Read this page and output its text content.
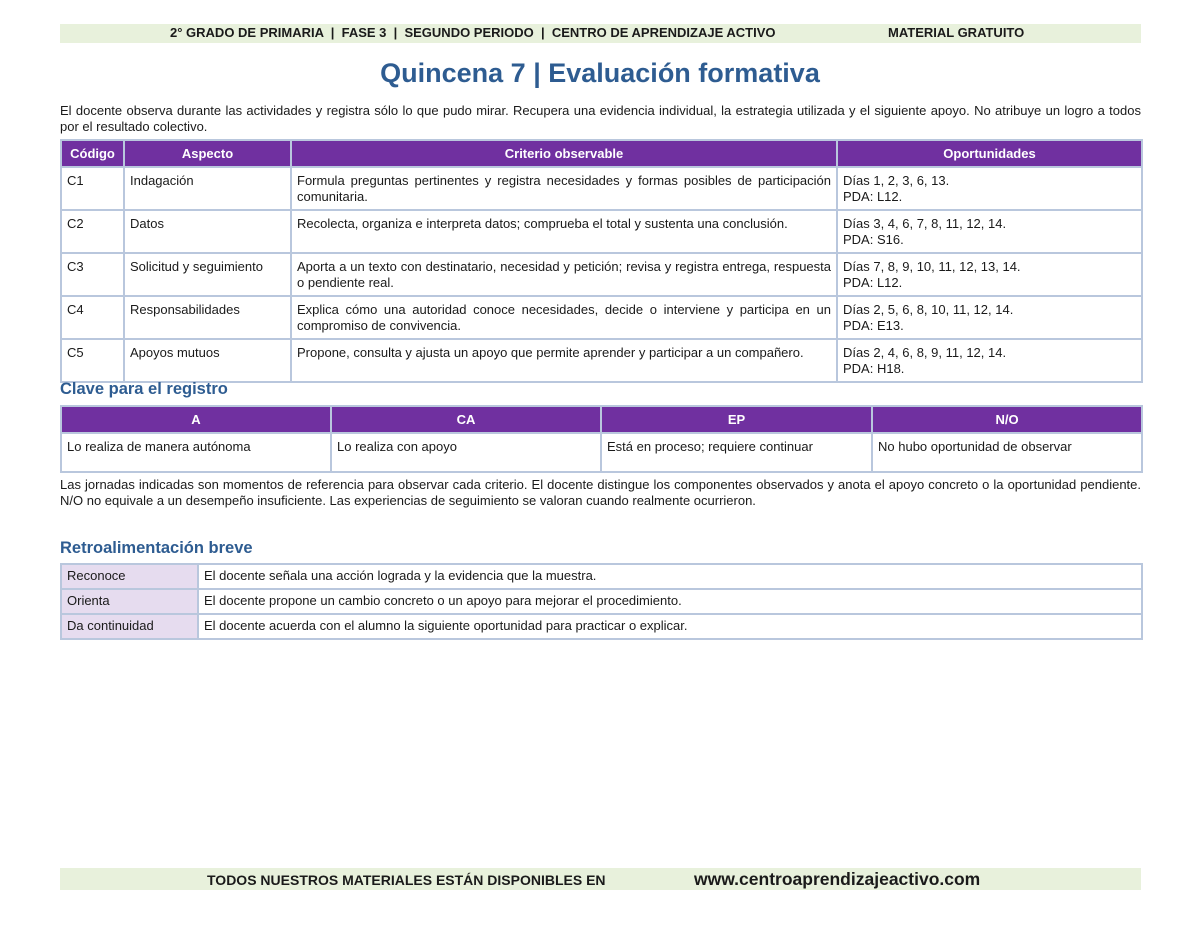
2° GRADO DE PRIMARIA  |  FASE 3  |  SEGUNDO PERIODO  |  CENTRO DE APRENDIZAJE ACTIVO	MATERIAL GRATUITO
Quincena 7 | Evaluación formativa
El docente observa durante las actividades y registra sólo lo que pudo mirar. Recupera una evidencia individual, la estrategia utilizada y el siguiente apoyo. No atribuye un logro a todos por el resultado colectivo.
Código	Aspecto	Criterio observable	Oportunidades
C1	Indagación	Formula preguntas pertinentes y registra necesidades y formas posibles de participación comunitaria.	Días 1, 2, 3, 6, 13.
PDA: L12.

C2	Datos	Recolecta, organiza e interpreta datos; comprueba el total y sustenta una conclusión.	Días 3, 4, 6, 7, 8, 11, 12, 14.
PDA: S16.

C3	Solicitud y seguimiento	Aporta a un texto con destinatario, necesidad y petición; revisa y registra entrega, respuesta o pendiente real.	Días 7, 8, 9, 10, 11, 12, 13, 14.
PDA: L12.

C4	Responsabilidades	Explica cómo una autoridad conoce necesidades, decide o interviene y participa en un compromiso de convivencia.	Días 2, 5, 6, 8, 10, 11, 12, 14.
PDA: E13.

C5	Apoyos mutuos	Propone, consulta y ajusta un apoyo que permite aprender y participar a un compañero.	Días 2, 4, 6, 8, 9, 11, 12, 14.
PDA: H18.
Clave para el registro
A	CA	EP	N/O
Lo realiza de manera autónoma	Lo realiza con apoyo	Está en proceso; requiere continuar	No hubo oportunidad de observar
Las jornadas indicadas son momentos de referencia para observar cada criterio. El docente distingue los componentes observados y anota el apoyo concreto o la oportunidad pendiente. N/O no equivale a un desempeño insuficiente. Las experiencias de seguimiento se valoran cuando realmente ocurrieron.
Retroalimentación breve
Reconoce	El docente señala una acción lograda y la evidencia que la muestra.
Orienta	El docente propone un cambio concreto o un apoyo para mejorar el procedimiento.
Da continuidad	El docente acuerda con el alumno la siguiente oportunidad para practicar o explicar.
TODOS NUESTROS MATERIALES ESTÁN DISPONIBLES EN	www.centroaprendizajeactivo.com
